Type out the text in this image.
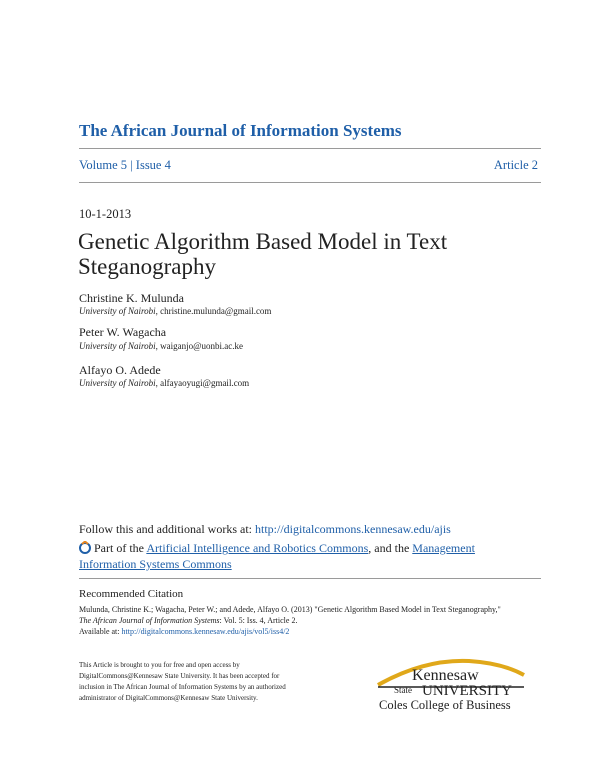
The African Journal of Information Systems
Volume 5 | Issue 4	Article 2
10-1-2013
Genetic Algorithm Based Model in Text Steganography
Christine K. Mulunda
University of Nairobi, christine.mulunda@gmail.com
Peter W. Wagacha
University of Nairobi, waiganjo@uonbi.ac.ke
Alfayo O. Adede
University of Nairobi, alfayaoyugi@gmail.com
Follow this and additional works at: http://digitalcommons.kennesaw.edu/ajis
Part of the Artificial Intelligence and Robotics Commons, and the Management Information Systems Commons
Recommended Citation
Mulunda, Christine K.; Wagacha, Peter W.; and Adede, Alfayo O. (2013) "Genetic Algorithm Based Model in Text Steganography,"
The African Journal of Information Systems: Vol. 5: Iss. 4, Article 2.
Available at: http://digitalcommons.kennesaw.edu/ajis/vol5/iss4/2
This Article is brought to you for free and open access by DigitalCommons@Kennesaw State University. It has been accepted for inclusion in The African Journal of Information Systems by an authorized administrator of DigitalCommons@Kennesaw State University.
Kennesaw
State UNIVERSITY
Coles College of Business
